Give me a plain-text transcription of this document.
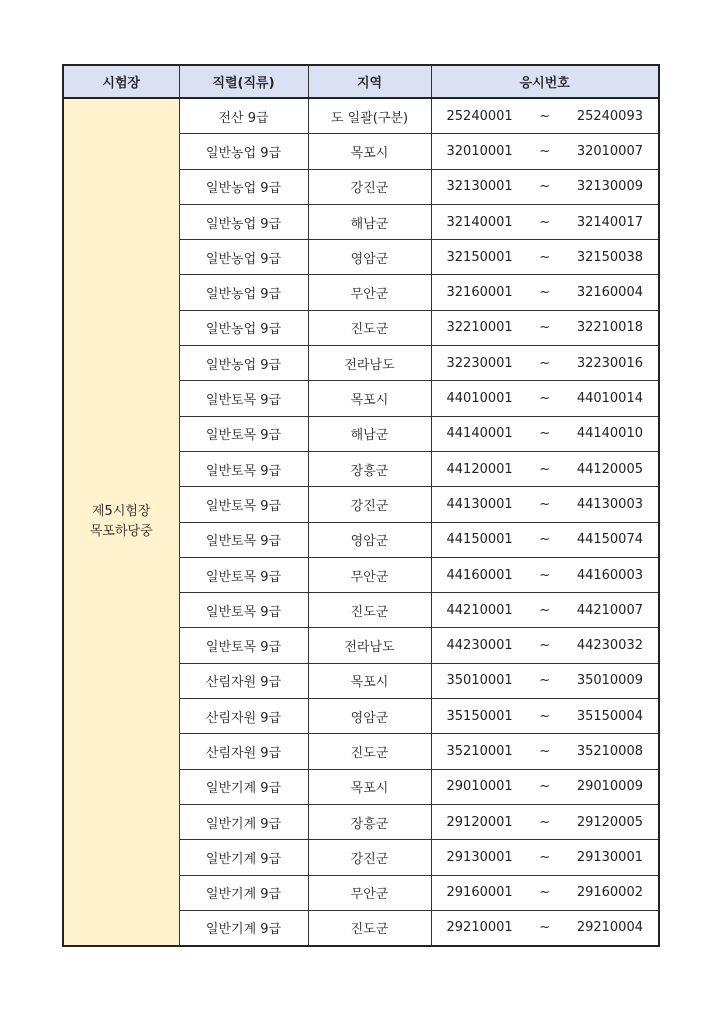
시험장	직렬(직류)	지역	응시번호
제5시험장
목포하당중	전산 9급	도 일괄(구분)	25240001 ~ 25240093

	일반농업 9급	목포시	32010001 ~ 32010007

	일반농업 9급	강진군	32130001 ~ 32130009

	일반농업 9급	해남군	32140001 ~ 32140017

	일반농업 9급	영암군	32150001 ~ 32150038

	일반농업 9급	무안군	32160001 ~ 32160004

	일반농업 9급	진도군	32210001 ~ 32210018

	일반농업 9급	전라남도	32230001 ~ 32230016

	일반토목 9급	목포시	44010001 ~ 44010014

	일반토목 9급	해남군	44140001 ~ 44140010

	일반토목 9급	장흥군	44120001 ~ 44120005

	일반토목 9급	강진군	44130001 ~ 44130003

	일반토목 9급	영암군	44150001 ~ 44150074

	일반토목 9급	무안군	44160001 ~ 44160003

	일반토목 9급	진도군	44210001 ~ 44210007

	일반토목 9급	전라남도	44230001 ~ 44230032

	산림자원 9급	목포시	35010001 ~ 35010009

	산림자원 9급	영암군	35150001 ~ 35150004

	산림자원 9급	진도군	35210001 ~ 35210008

	일반기계 9급	목포시	29010001 ~ 29010009

	일반기계 9급	장흥군	29120001 ~ 29120005

	일반기계 9급	강진군	29130001 ~ 29130001

	일반기계 9급	무안군	29160001 ~ 29160002

	일반기계 9급	진도군	29210001 ~ 29210004
